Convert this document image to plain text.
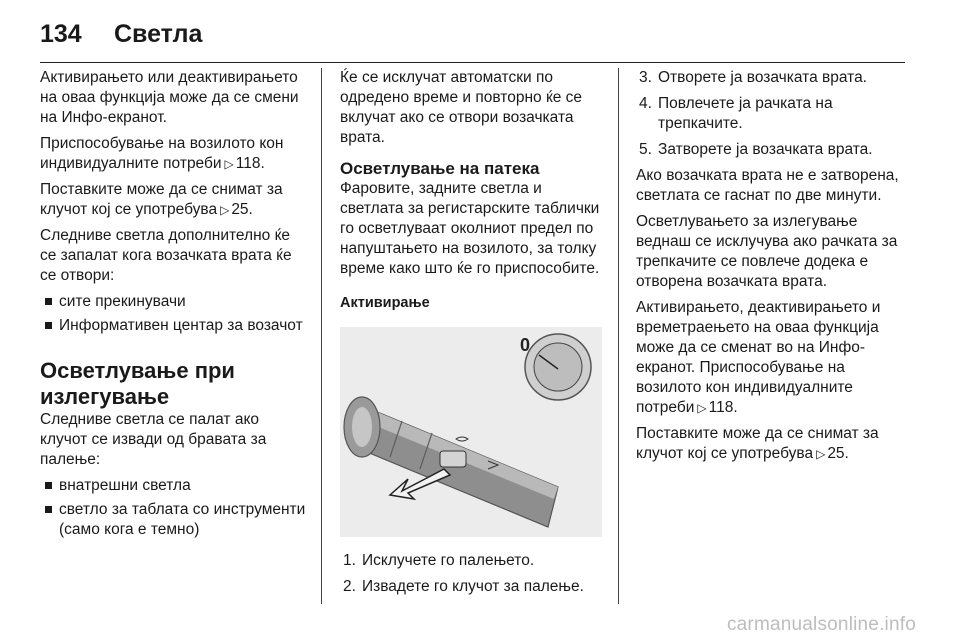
134 Светла

Активирањето или деактивирањето на оваа функција може да се смени на Инфо-екранот.

Приспособување на возилото кон индивидуалните потреби ▷ 118.

Поставките може да се снимат за клучот кој се употребува ▷ 25.

Следниве светла дополнително ќе се запалат кога возачката врата ќе се отвори:

сите прекинувачи
Информативен центар за возачот
Осветлување при излегување

Следниве светла се палат ако клучот се извади од бравата за палење:

внатрешни светла
светло за таблата со инструменти (само кога е темно)

Ќе се исклучат автоматски по одредено време и повторно ќе се вклучат ако се отвори возачката врата.

Осветлување на патека

Фаровите, задните светла и светлата за регистарските таблички го осветлуваат околниот предел по напуштањето на возилото, за толку време како што ќе го приспособите.

Активирање
0
1. Исклучете го палењето.
2. Извадете го клучот за палење.
3. Отворете ја возачката врата.
4. Повлечете ја рачката на трепкачите.
5. Затворете ја возачката врата.

Ако возачката врата не е затворена, светлата се гаснат по две минути.

Осветлувањето за излегување веднаш се исклучува ако рачката за трепкачите се повлече додека е отворена возачката врата.

Активирањето, деактивирањето и времетраењето на оваа функција може да се сменат во на Инфо-екранот. Приспособување на возилото кон индивидуалните потреби ▷ 118.

Поставките може да се снимат за клучот кој се употребува ▷ 25.

carmanualsonline.info
